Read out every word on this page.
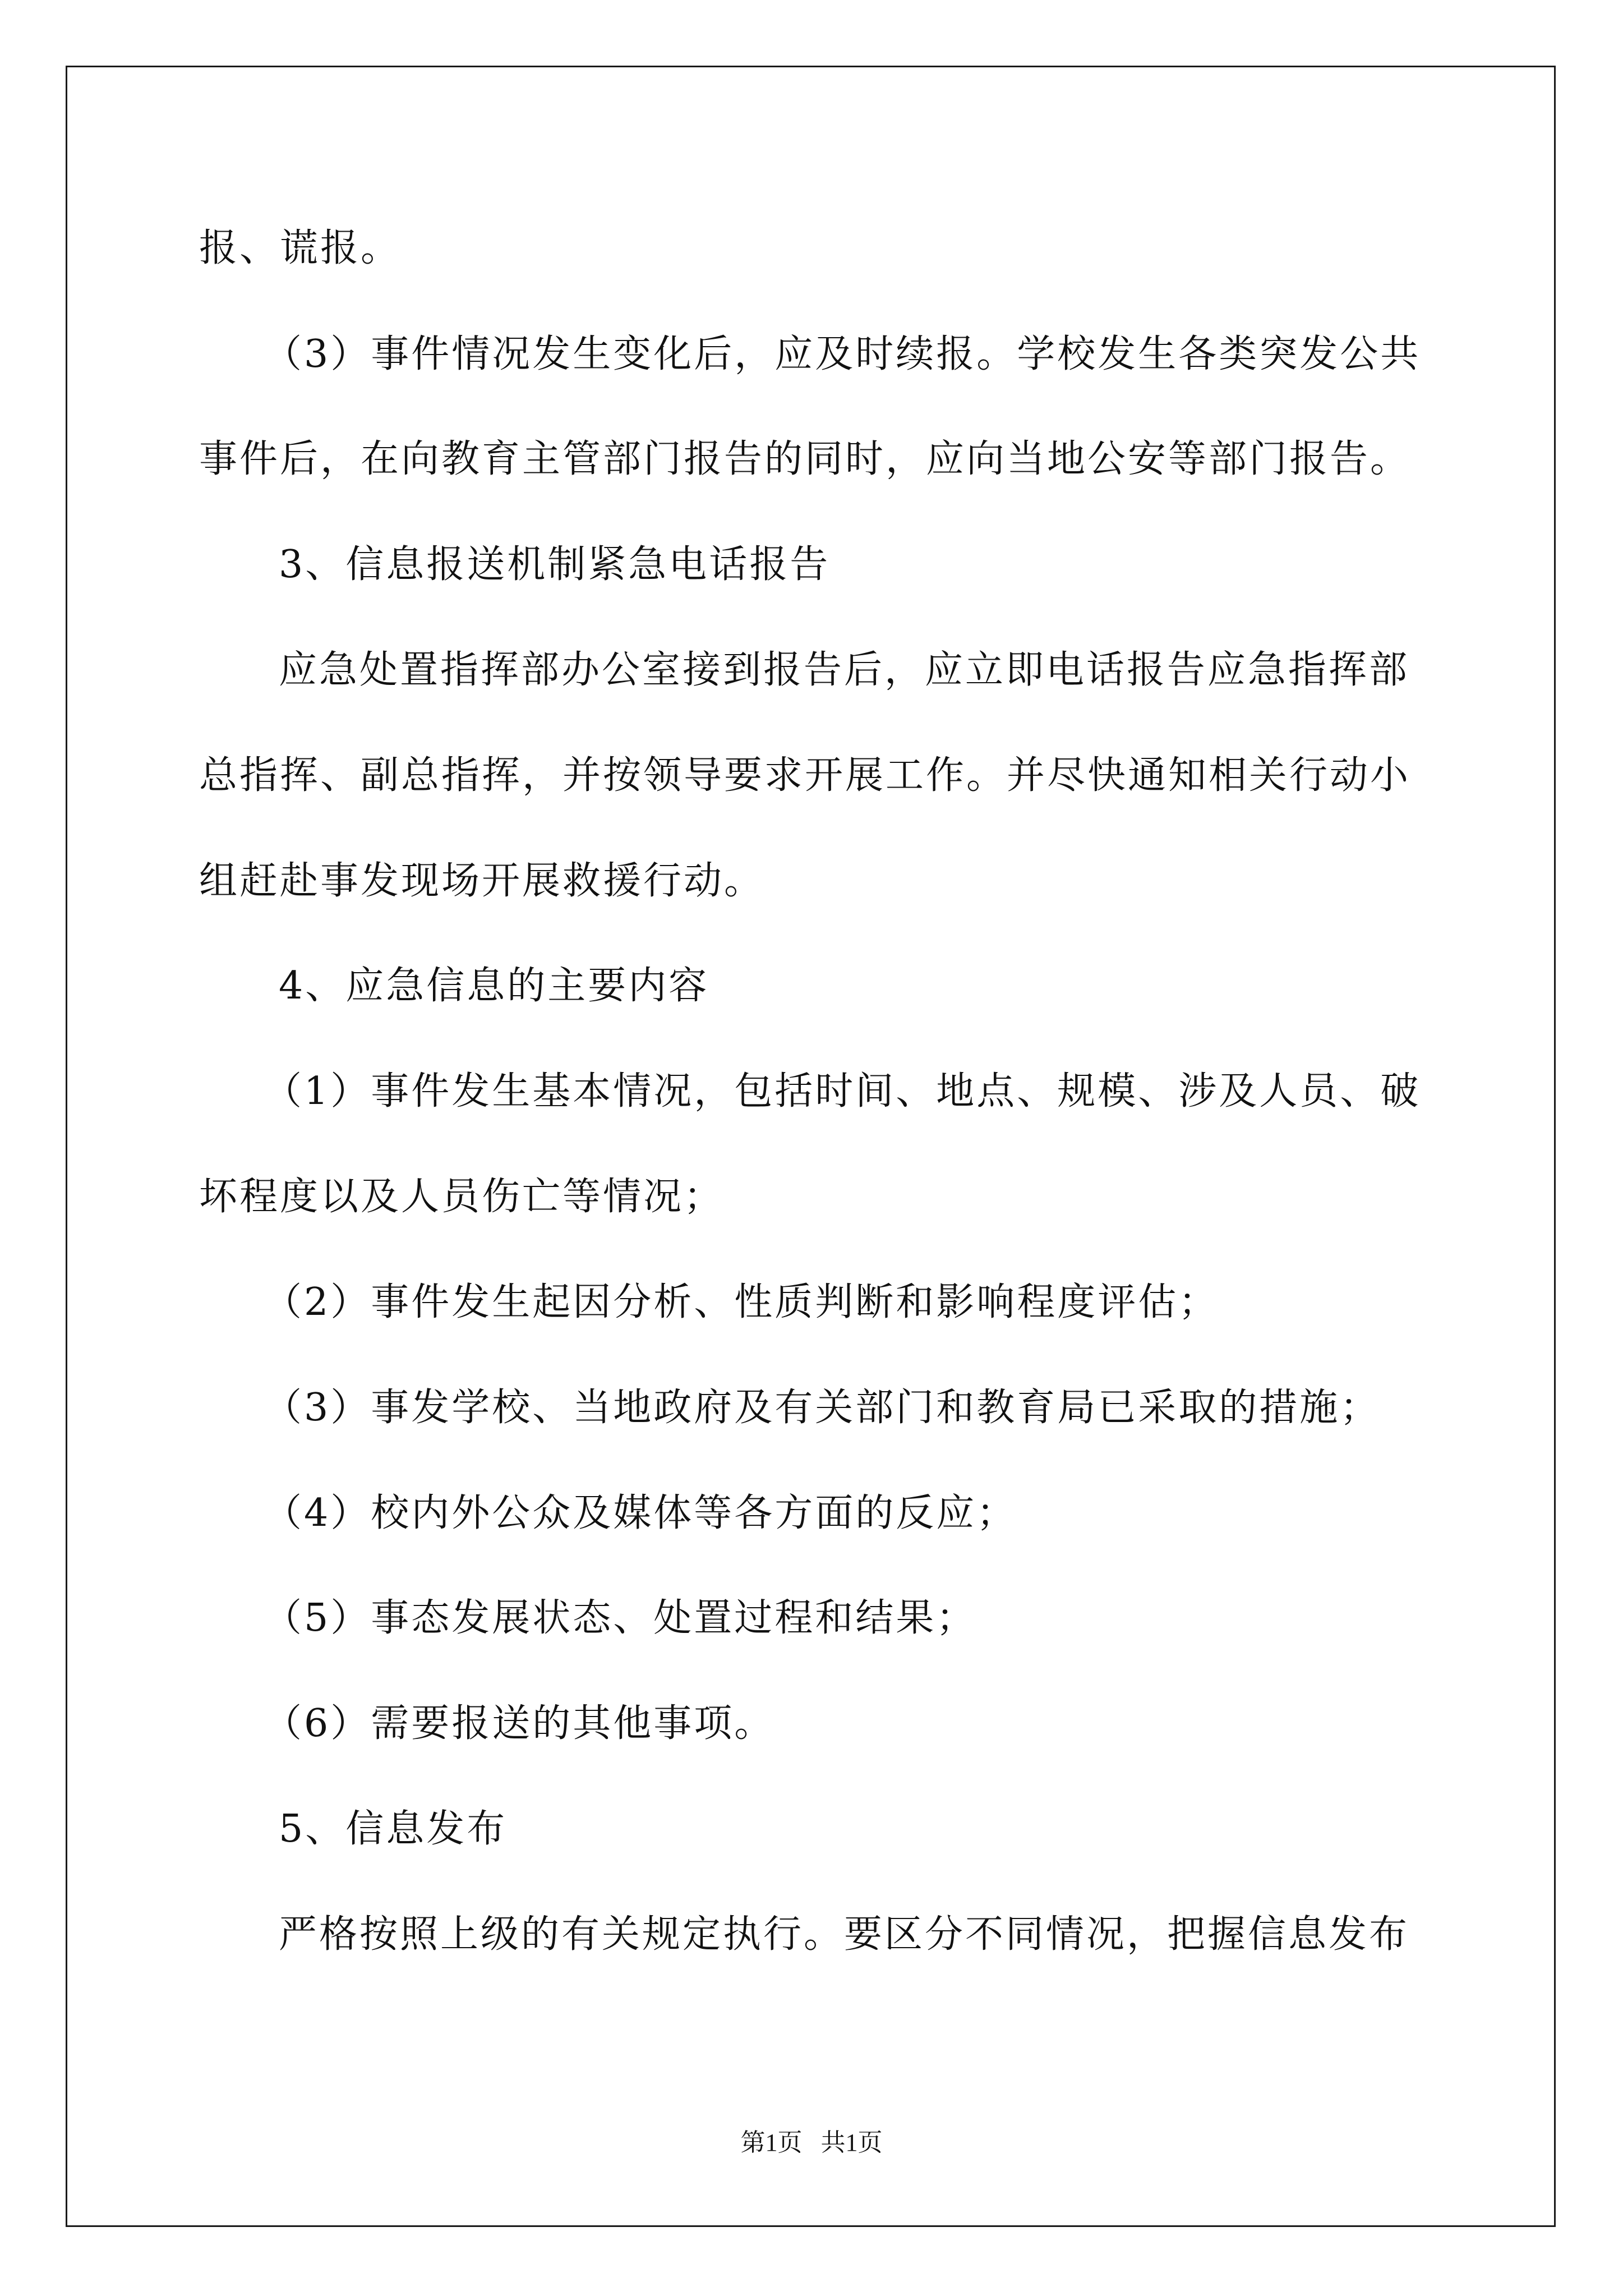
报、谎报。
（3）事件情况发生变化后，应及时续报。学校发生各类突发公共
事件后，在向教育主管部门报告的同时，应向当地公安等部门报告。
3、信息报送机制紧急电话报告
应急处置指挥部办公室接到报告后，应立即电话报告应急指挥部
总指挥、副总指挥，并按领导要求开展工作。并尽快通知相关行动小
组赶赴事发现场开展救援行动。
4、应急信息的主要内容
（1）事件发生基本情况，包括时间、地点、规模、涉及人员、破
坏程度以及人员伤亡等情况；
（2）事件发生起因分析、性质判断和影响程度评估；
（3）事发学校、当地政府及有关部门和教育局已采取的措施；
（4）校内外公众及媒体等各方面的反应；
（5）事态发展状态、处置过程和结果；
（6）需要报送的其他事项。
5、信息发布
严格按照上级的有关规定执行。要区分不同情况，把握信息发布
第1页   共1页
